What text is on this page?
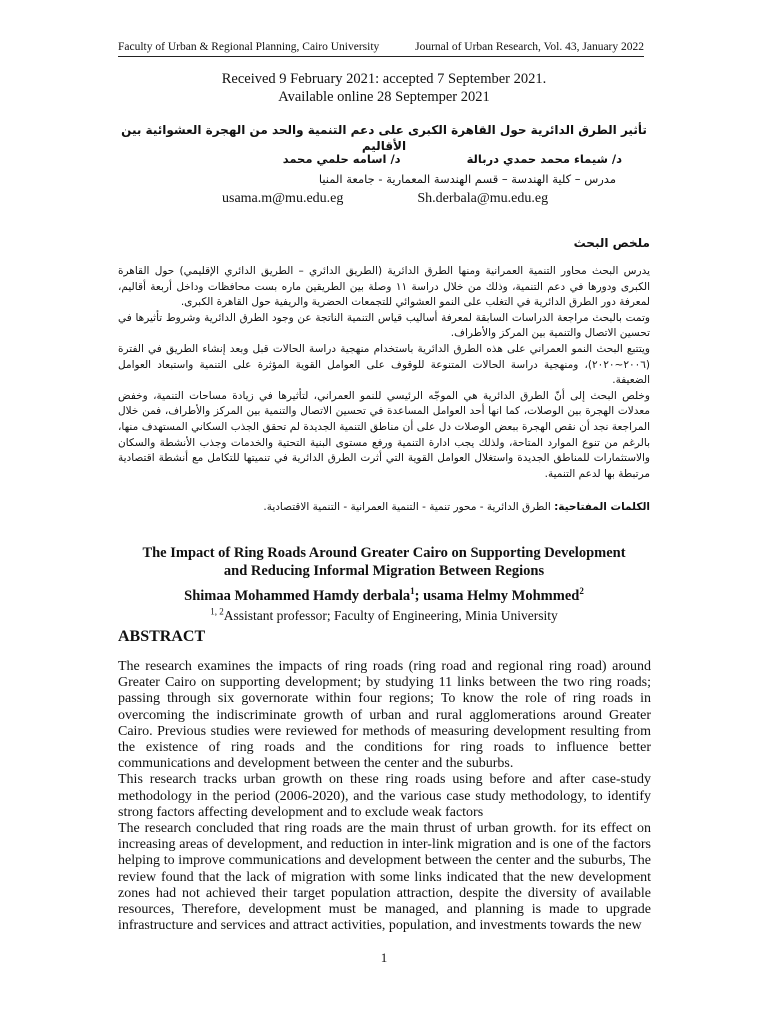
Faculty of Urban & Regional Planning, Cairo University	Journal of Urban Research, Vol. 43, January 2022
Received 9 February 2021: accepted 7 September 2021.
Available online 28 Septemper 2021
تأثير الطرق الدائرية حول القاهرة الكبرى على دعم التنمية والحد من الهجرة العشوائية بين الأقاليم
د/ شيماء محمد حمدي دربالة
د/ اسامه حلمي محمد
مدرس – كلية الهندسة – قسم الهندسة المعمارية - جامعة المنيا
usama.m@mu.edu.eg	Sh.derbala@mu.edu.eg
ملخص البحث

يدرس البحث محاور التنمية العمرانية ومنها الطرق الدائرية (الطريق الدائري – الطريق الدائري الإقليمي) حول القاهرة الكبرى ودورها في دعم التنمية، وذلك من خلال دراسة ١١ وصلة بين الطريقين ماره بست محافظات وداخل أربعة أقاليم، لمعرفة دور الطرق الدائرية في التغلب على النمو العشوائي للتجمعات الحضرية والريفية حول القاهرة الكبرى.

وتمت بالبحث مراجعة الدراسات السابقة لمعرفة أساليب قياس التنمية الناتجة عن وجود الطرق الدائرية وشروط تأثيرها في تحسين الاتصال والتنمية بين المركز والأطراف.

ويتتبع البحث النمو العمراني على هذه الطرق الدائرية باستخدام منهجية دراسة الحالات قبل وبعد إنشاء الطريق في الفترة (٢٠٠٦~٢٠٢٠)، ومنهجية دراسة الحالات المتنوعة للوقوف على العوامل القوية المؤثرة على التنمية واستبعاد العوامل الضعيفة.

وخلص البحث إلى أنّ الطرق الدائرية هي الموجّه الرئيسي للنمو العمراني، لتأثيرها في زيادة مساحات التنمية، وخفض معدلات الهجرة بين الوصلات، كما انها أحد العوامل المساعدة في تحسين الاتصال والتنمية بين المركز والأطراف، فمن خلال المراجعة نجد أن نقص الهجرة ببعض الوصلات دل على أن مناطق التنمية الجديدة لم تحقق الجذب السكاني المستهدف منها، بالرغم من تنوع الموارد المتاحة، ولذلك يجب ادارة التنمية ورفع مستوى البنية التحتية والخدمات وجذب الأنشطة والسكان والاستثمارات للمناطق الجديدة واستغلال العوامل القوية التي أثرت الطرق الدائرية في تنميتها للتكامل مع أنشطة اقتصادية مرتبطة بها لدعم التنمية.

الكلمات المفتاحية: الطرق الدائرية - محور تنمية - التنمية العمرانية - التنمية الاقتصادية.
The Impact of Ring Roads Around Greater Cairo on Supporting Development
and Reducing Informal Migration Between Regions
Shimaa Mohammed Hamdy derbala$^1$; usama Helmy Mohmmed$^2$
$^{1, 2}$Assistant professor; Faculty of Engineering, Minia University
ABSTRACT

The research examines the impacts of ring roads (ring road and regional ring road) around Greater Cairo on supporting development; by studying 11 links between the two ring roads; passing through six governorate within four regions; To know the role of ring roads in overcoming the indiscriminate growth of urban and rural agglomerations around Greater Cairo. Previous studies were reviewed for methods of measuring development resulting from the existence of ring roads and the conditions for ring roads to influence better communications and development between the center and the suburbs.

This research tracks urban growth on these ring roads using before and after case-study methodology in the period (2006-2020), and the various case study methodology, to identify strong factors affecting development and to exclude weak factors

The research concluded that ring roads are the main thrust of urban growth. for its effect on increasing areas of development, and reduction in inter-link migration and is one of the factors helping to improve communications and development between the center and the suburbs, The review found that the lack of migration with some links indicated that the new development zones had not achieved their target population attraction, despite the diversity of available resources, Therefore, development must be managed, and planning is made to upgrade infrastructure and services and attract activities, population, and investments towards the new

1
